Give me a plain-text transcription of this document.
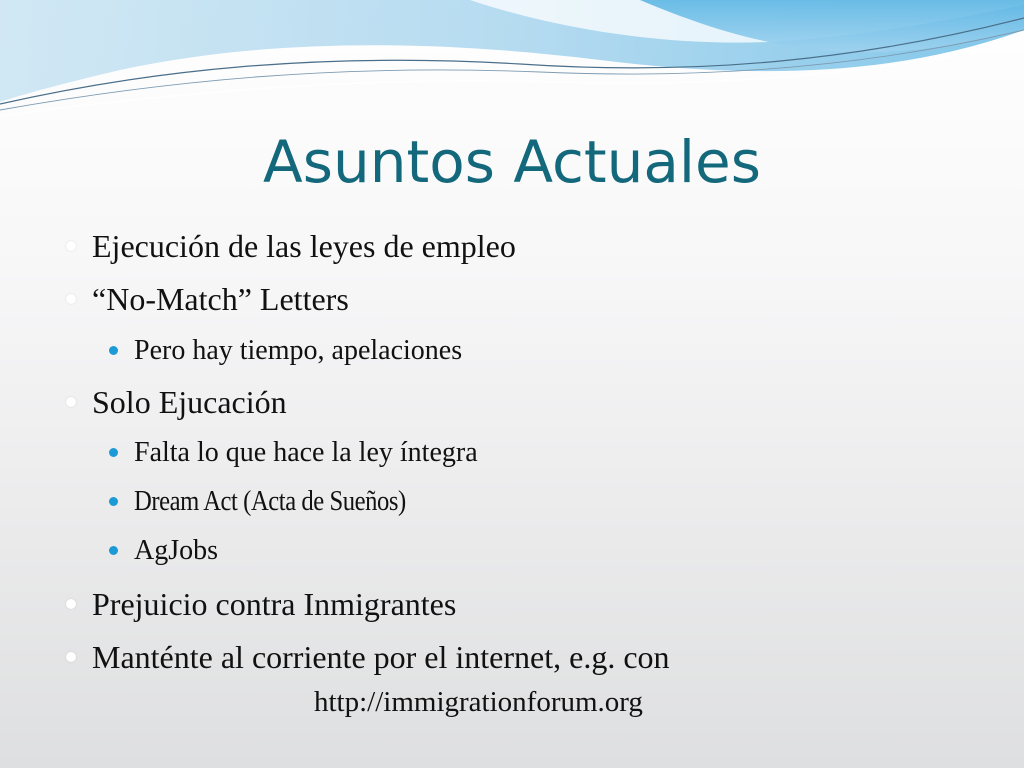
Asuntos Actuales
Ejecución de las leyes de empleo
“No-Match” Letters
Pero hay tiempo, apelaciones
Solo Ejucación
Falta lo que hace la ley íntegra
Dream Act (Acta de Sueños)
AgJobs
Prejuicio contra Inmigrantes
Manténte al corriente por el internet, e.g. con
http://immigrationforum.org
